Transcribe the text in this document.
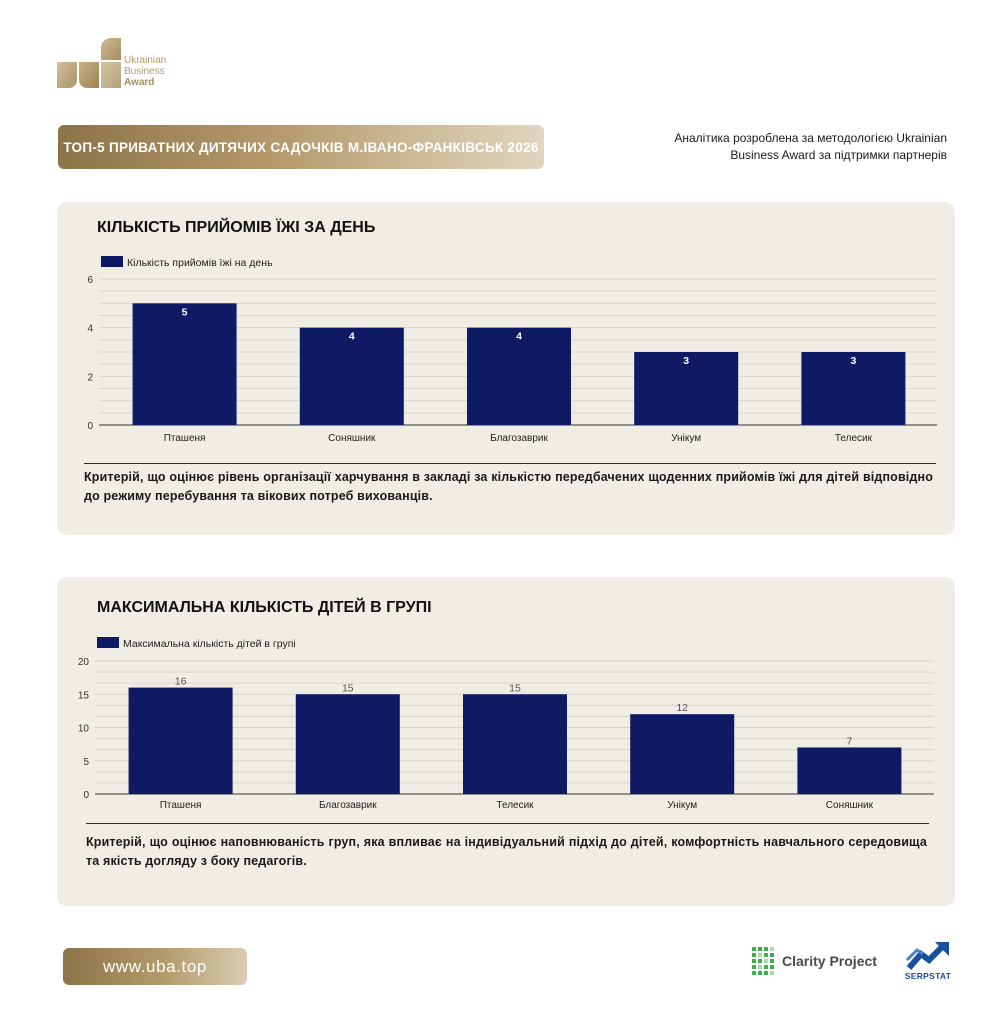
Ukrainian
Business
Award
ТОП-5 ПРИВАТНИХ ДИТЯЧИХ САДОЧКІВ М.ІВАНО-ФРАНКІВСЬК 2026
Аналітика розроблена за методологією Ukrainian Business Award за підтримки партнерів
КІЛЬКІСТЬ ПРИЙОМІВ ЇЖІ ЗА ДЕНЬ
0
2
4
6
Кількість прийомів їжі на день
5
Пташеня
4
Соняшник
4
Благозаврик
3
Унікум
3
Телесик
Критерій, що оцінює рівень організації харчування в закладі за кількістю передбачених щоденних прийомів їжі для дітей відповідно до режиму перебування та вікових потреб вихованців.
МАКСИМАЛЬНА КІЛЬКІСТЬ ДІТЕЙ В ГРУПІ
0
5
10
15
20
Максимальна кількість дітей в групі
16
Пташеня
15
Благозаврик
15
Телесик
12
Унікум
7
Соняшник
Критерій, що оцінює наповнюваність груп, яка впливає на індивідуальний підхід до дітей, комфортність навчального середовища та якість догляду з боку педагогів.
www.uba.top	Clarity Project
SERPSTAT
